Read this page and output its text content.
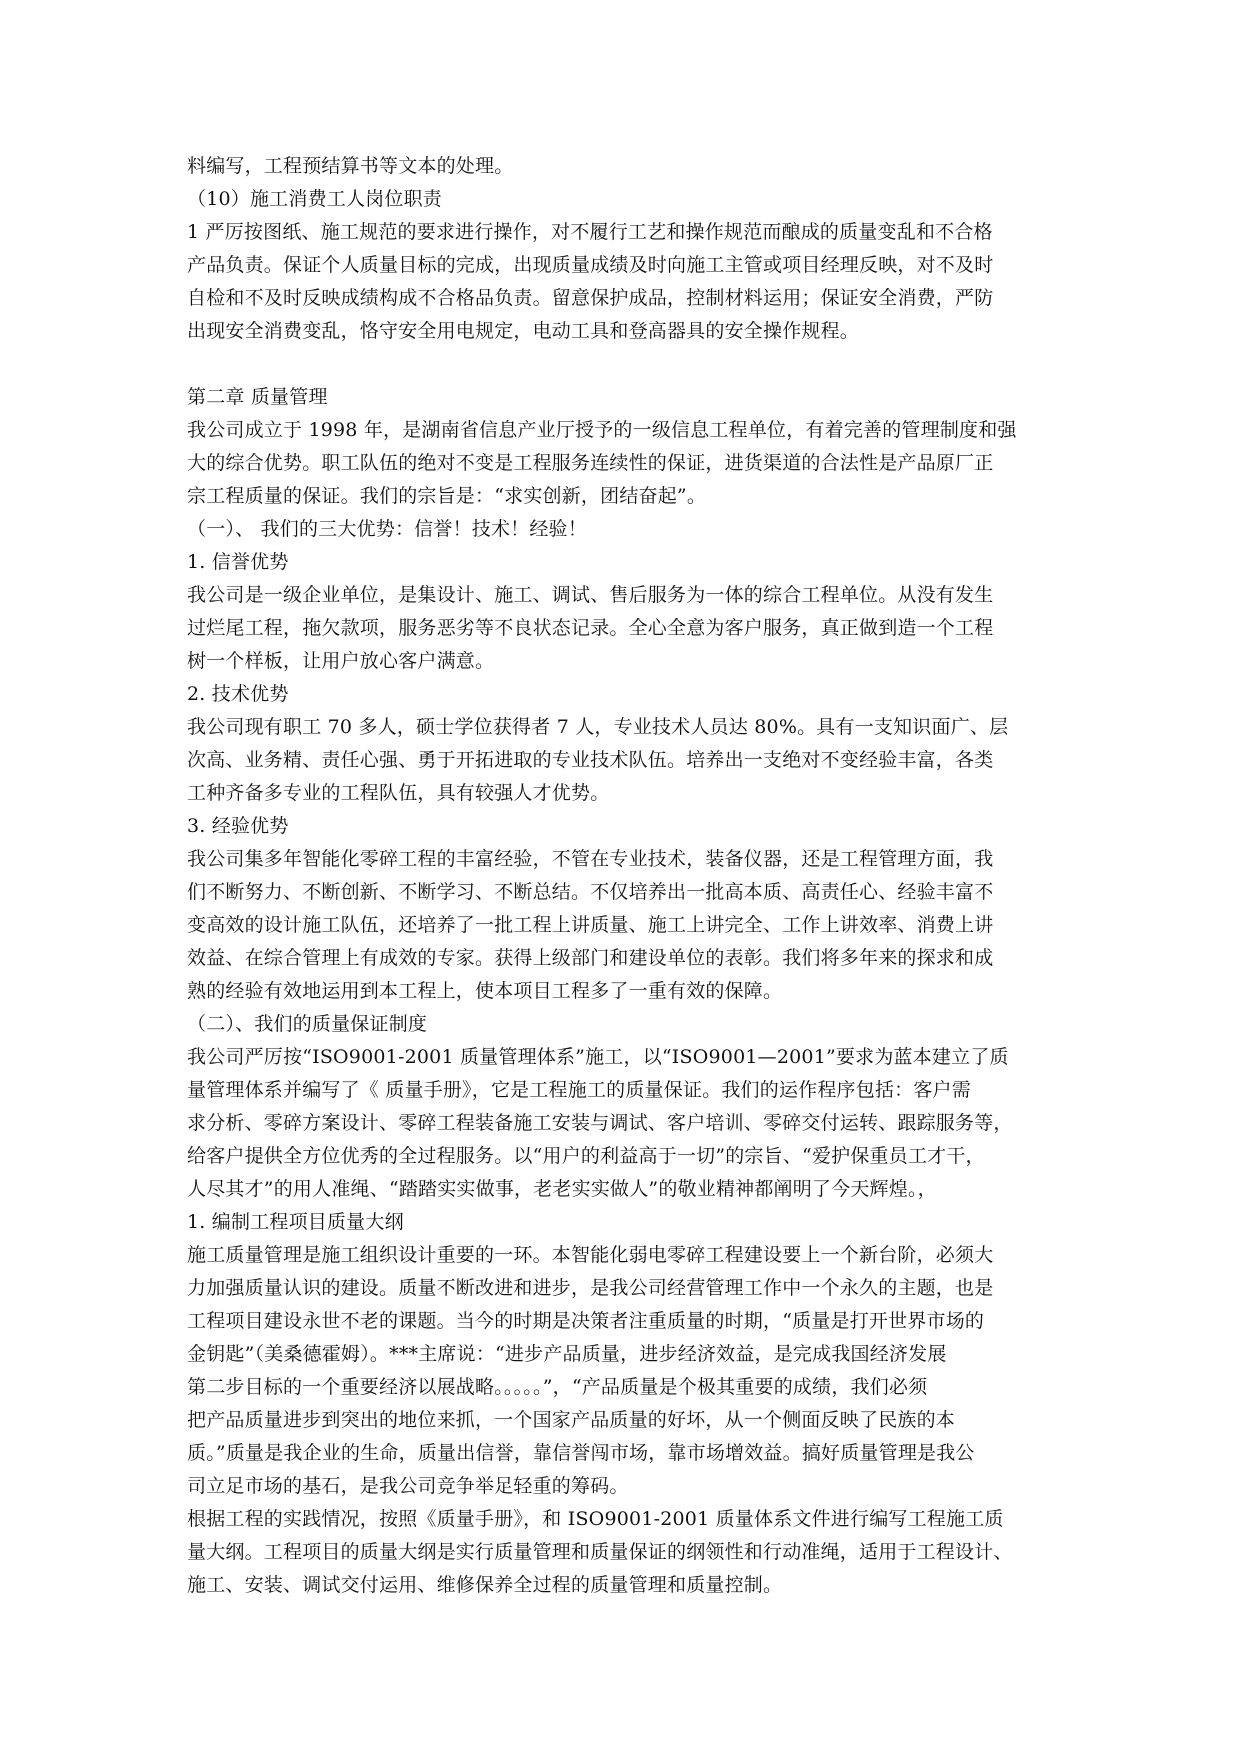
料编写，工程预结算书等文本的处理。
（10）施工消费工人岗位职责
1 严厉按图纸、施工规范的要求进行操作，对不履行工艺和操作规范而酿成的质量变乱和不合格
产品负责。保证个人质量目标的完成，出现质量成绩及时向施工主管或项目经理反映，对不及时
自检和不及时反映成绩构成不合格品负责。留意保护成品，控制材料运用；保证安全消费，严防
出现安全消费变乱，恪守安全用电规定，电动工具和登高器具的安全操作规程。
第二章 质量管理
我公司成立于 1998 年，是湖南省信息产业厅授予的一级信息工程单位，有着完善的管理制度和强
大的综合优势。职工队伍的绝对不变是工程服务连续性的保证，进货渠道的合法性是产品原厂正
宗工程质量的保证。我们的宗旨是：“求实创新，团结奋起”。
（一）、 我们的三大优势：信誉！技术！经验！
1. 信誉优势
我公司是一级企业单位，是集设计、施工、调试、售后服务为一体的综合工程单位。从没有发生
过烂尾工程，拖欠款项，服务恶劣等不良状态记录。全心全意为客户服务，真正做到造一个工程
树一个样板，让用户放心客户满意。
2. 技术优势
我公司现有职工 70 多人，硕士学位获得者 7 人，专业技术人员达 80%。具有一支知识面广、层
次高、业务精、责任心强、勇于开拓进取的专业技术队伍。培养出一支绝对不变经验丰富，各类
工种齐备多专业的工程队伍，具有较强人才优势。
3. 经验优势
我公司集多年智能化零碎工程的丰富经验，不管在专业技术，装备仪器，还是工程管理方面，我
们不断努力、不断创新、不断学习、不断总结。不仅培养出一批高本质、高责任心、经验丰富不
变高效的设计施工队伍，还培养了一批工程上讲质量、施工上讲完全、工作上讲效率、消费上讲
效益、在综合管理上有成效的专家。获得上级部门和建设单位的表彰。我们将多年来的探求和成
熟的经验有效地运用到本工程上，使本项目工程多了一重有效的保障。
（二）、我们的质量保证制度
我公司严厉按“ISO9001-2001 质量管理体系”施工，以“ISO9001—2001”要求为蓝本建立了质
量管理体系并编写了《 质量手册》，它是工程施工的质量保证。我们的运作程序包括：客户需
求分析、零碎方案设计、零碎工程装备施工安装与调试、客户培训、零碎交付运转、跟踪服务等，
给客户提供全方位优秀的全过程服务。以“用户的利益高于一切”的宗旨、“爱护保重员工才干，
人尽其才”的用人准绳、“踏踏实实做事，老老实实做人”的敬业精神都阐明了今天辉煌。，
1. 编制工程项目质量大纲
施工质量管理是施工组织设计重要的一环。本智能化弱电零碎工程建设要上一个新台阶，必须大
力加强质量认识的建设。质量不断改进和进步，是我公司经营管理工作中一个永久的主题，也是
工程项目建设永世不老的课题。当今的时期是决策者注重质量的时期，“质量是打开世界市场的
金钥匙”（美桑德霍姆）。***主席说：“进步产品质量，进步经济效益，是完成我国经济发展
第二步目标的一个重要经济以展战略。。。。。”，“产品质量是个极其重要的成绩，我们必须
把产品质量进步到突出的地位来抓，一个国家产品质量的好坏，从一个侧面反映了民族的本
质。”质量是我企业的生命，质量出信誉，靠信誉闯市场，靠市场增效益。搞好质量管理是我公
司立足市场的基石，是我公司竞争举足轻重的筹码。
根据工程的实践情况，按照《质量手册》，和 ISO9001-2001 质量体系文件进行编写工程施工质
量大纲。工程项目的质量大纲是实行质量管理和质量保证的纲领性和行动准绳，适用于工程设计、
施工、安装、调试交付运用、维修保养全过程的质量管理和质量控制。
